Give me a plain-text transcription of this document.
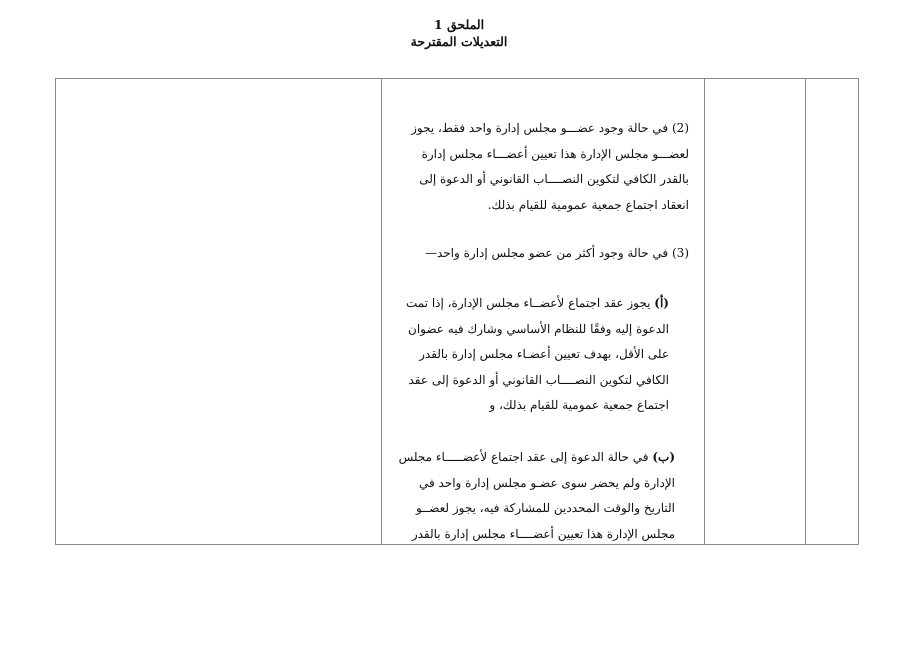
الملحق 1
التعديلات المقترحة
(2) في حالة وجود عضـــو مجلس إدارة واحد فقط، يجوز
لعضـــو مجلس الإدارة هذا تعيين أعضـــاء مجلس إدارة
بالقدر الكافي لتكوين النصــــاب القانوني أو الدعوة إلى
انعقاد اجتماع جمعية عمومية للقيام بذلك.
(3) في حالة وجود أكثر من عضو مجلس إدارة واحد—
(أ) يجوز عقد اجتماع لأعضــاء مجلس الإدارة، إذا تمت
الدعوة إليه وفقًا للنظام الأساسي وشارك فيه عضوان
على الأقل، بهدف تعيين أعضـاء مجلس إدارة بالقدر
الكافي لتكوين النصــــاب القانوني أو الدعوة إلى عقد
اجتماع جمعية عمومية للقيام بذلك، و
(ب) في حالة الدعوة إلى عقد اجتماع لأعضـــــاء مجلس
الإدارة ولم يحضر سوى عضـو مجلس إدارة واحد في
التاريخ والوقت المحددين للمشاركة فيه، يجوز لعضــو
مجلس الإدارة هذا تعيين أعضــــاء مجلس إدارة بالقدر
